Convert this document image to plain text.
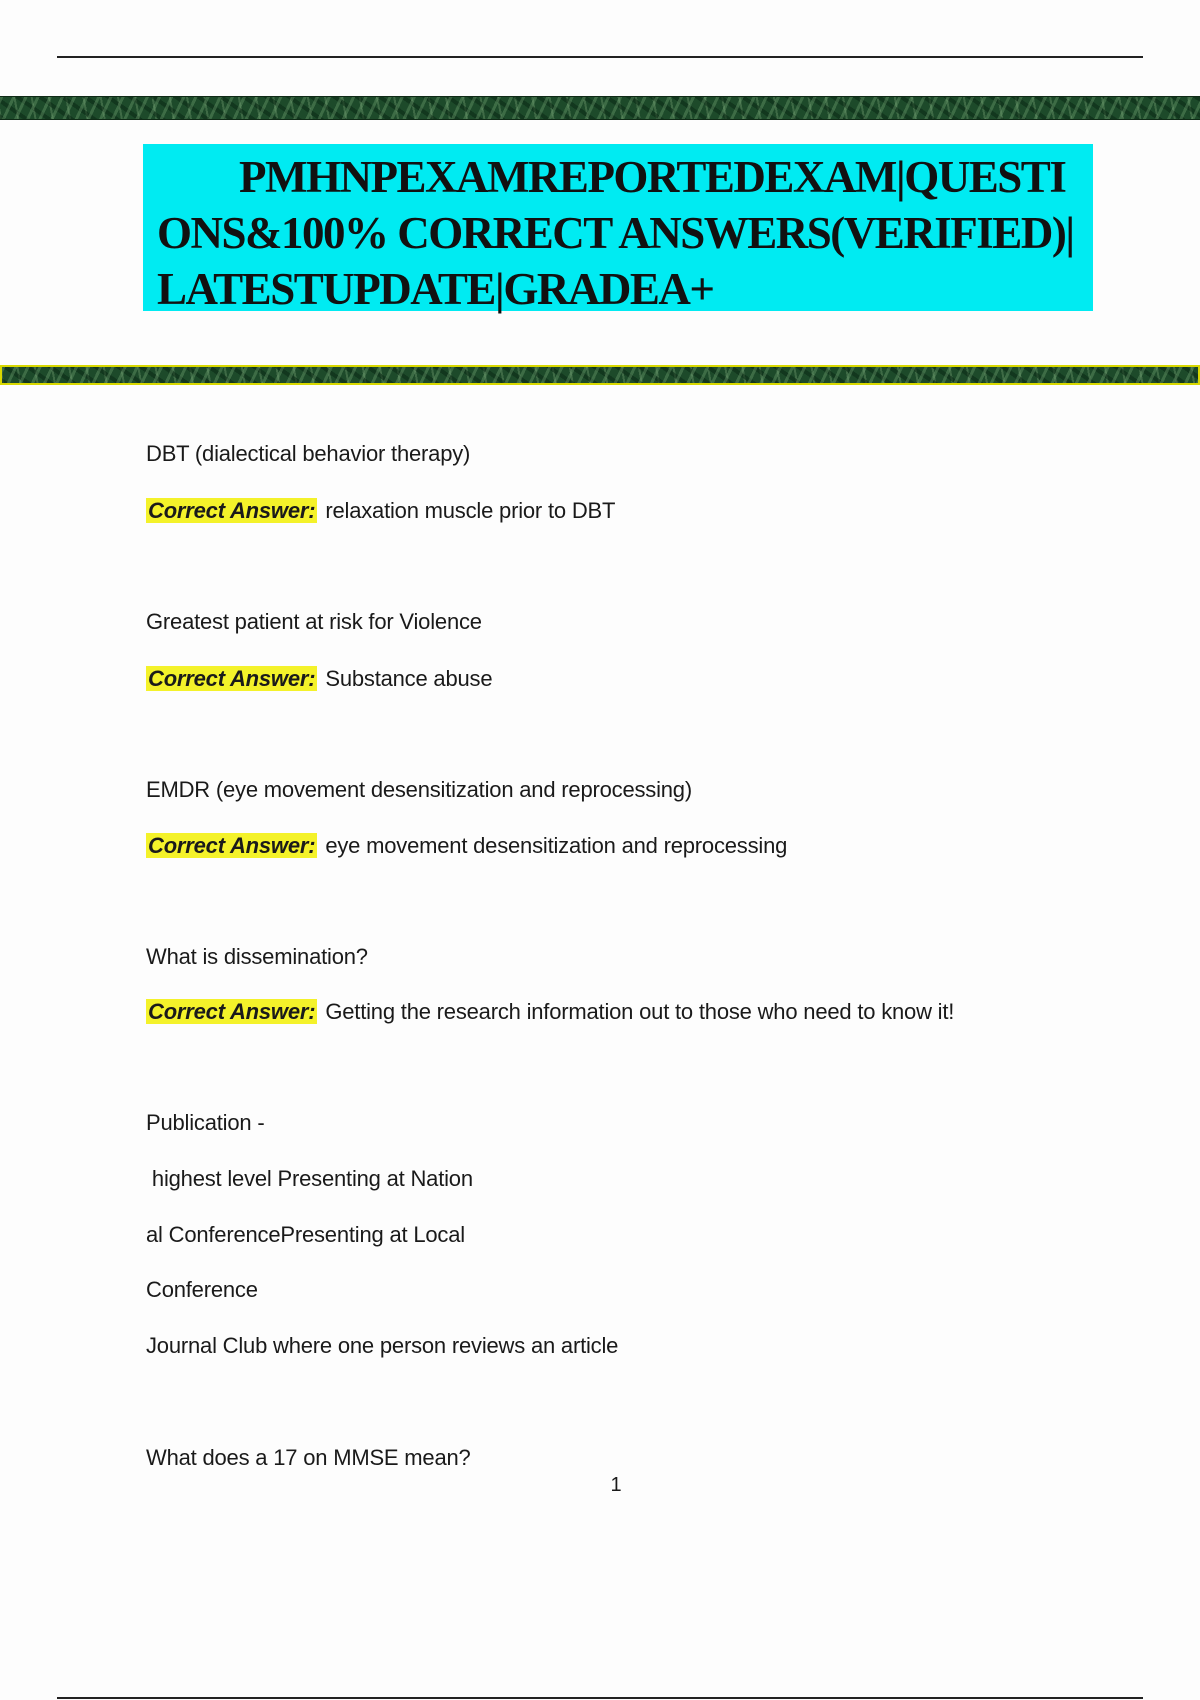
PMHNPEXAMREPORTEDEXAM|QUESTIONS&100% CORRECT ANSWERS(VERIFIED)|LATESTUPDATE|GRADEA+

DBT (dialectical behavior therapy)
Correct Answer: relaxation muscle prior to DBT
Greatest patient at risk for Violence
Correct Answer: Substance abuse
EMDR (eye movement desensitization and reprocessing)
Correct Answer: eye movement desensitization and reprocessing
What is dissemination?
Correct Answer: Getting the research information out to those who need to know it!
Publication -
highest level Presenting at Nation
al ConferencePresenting at Local
Conference
Journal Club where one person reviews an article
What does a 17 on MMSE mean?
1
